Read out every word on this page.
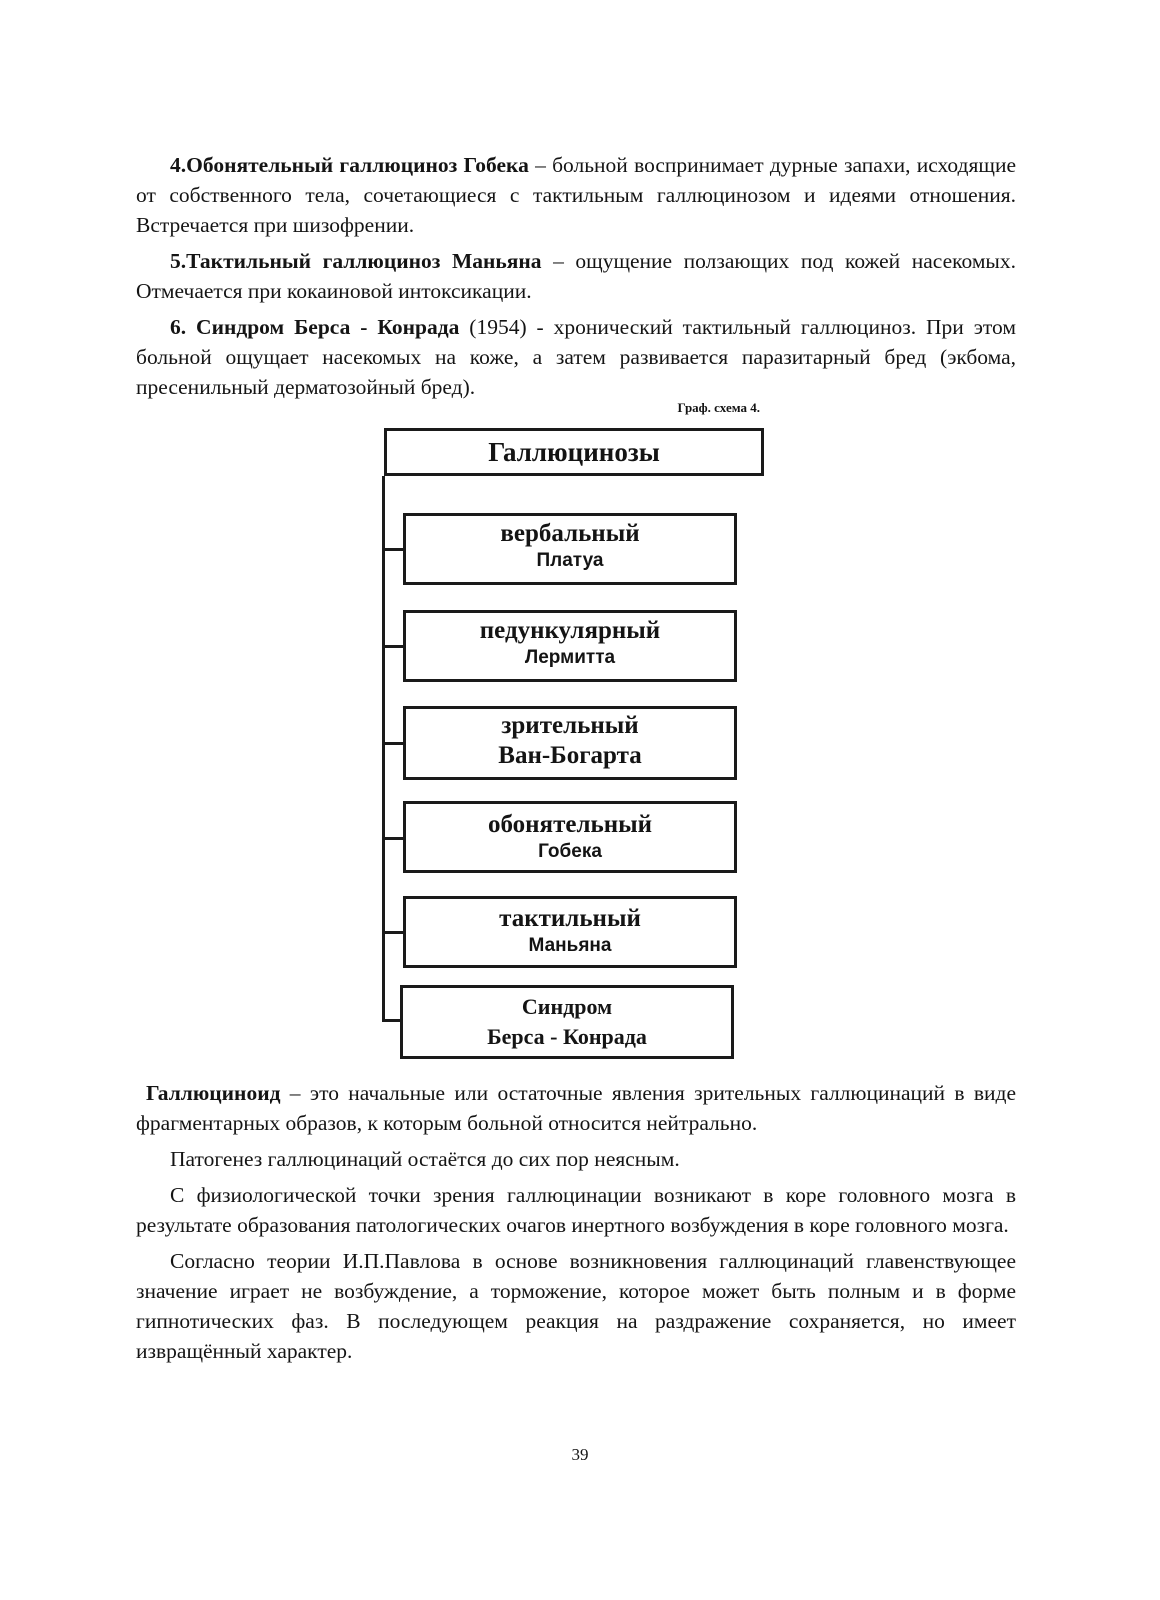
4.Обонятельный галлюциноз Гобека – больной воспринимает дурные запахи, исходящие от собственного тела, сочетающиеся с тактильным галлюцинозом и идеями отношения. Встречается при шизофрении.

5.Тактильный галлюциноз Маньяна – ощущение ползающих под кожей насекомых. Отмечается при кокаиновой интоксикации.

6. Синдром Берса - Конрада (1954) - хронический тактильный галлюциноз. При этом больной ощущает насекомых на коже, а затем развивается паразитарный бред (экбома, пресенильный дерматозойный бред).

Граф. схема 4.
Галлюцинозы
вербальный
Платуа
педункулярный
Лермитта
зрительный
Ван-Богарта
обонятельный
Гобека
тактильный
Маньяна
Синдром
Берса - Конрада

Галлюциноид – это начальные или остаточные явления зрительных галлюцинаций в виде фрагментарных образов, к которым больной относится нейтрально.

Патогенез галлюцинаций остаётся до сих пор неясным.

С физиологической точки зрения галлюцинации возникают в коре головного мозга в результате образования патологических очагов инертного возбуждения в коре головного мозга.

Согласно теории И.П.Павлова в основе возникновения галлюцинаций главенствующее значение играет не возбуждение, а торможение, которое может быть полным и в форме гипнотических фаз. В последующем реакция на раздражение сохраняется, но имеет извращённый характер.

39
